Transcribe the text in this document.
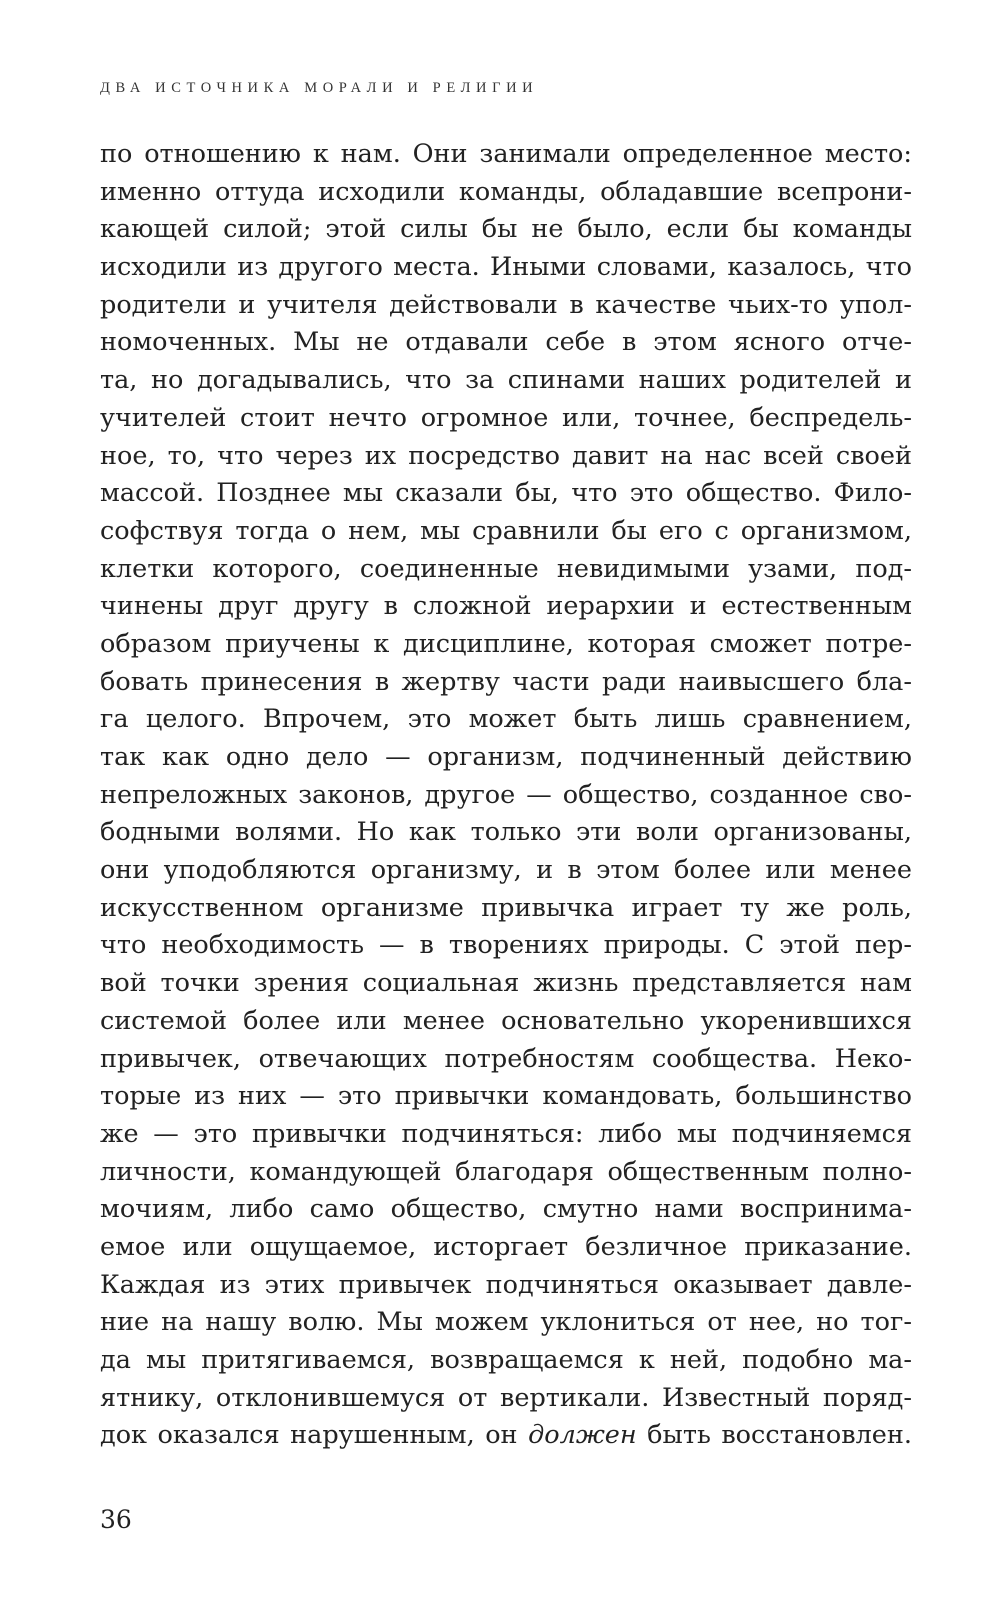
ДВА ИСТОЧНИКА МОРАЛИ И РЕЛИГИИ
по отношению к нам. Они занимали определенное место:
именно оттуда исходили команды, обладавшие всепрони-
кающей силой; этой силы бы не было, если бы команды
исходили из другого места. Иными словами, казалось, что
родители и учителя действовали в качестве чьих-то упол-
номоченных. Мы не отдавали себе в этом ясного отче-
та, но догадывались, что за спинами наших родителей и
учителей стоит нечто огромное или, точнее, беспредель-
ное, то, что через их посредство давит на нас всей своей
массой. Позднее мы сказали бы, что это общество. Фило-
софствуя тогда о нем, мы сравнили бы его с организмом,
клетки которого, соединенные невидимыми узами, под-
чинены друг другу в сложной иерархии и естественным
образом приучены к дисциплине, которая сможет потре-
бовать принесения в жертву части ради наивысшего бла-
га целого. Впрочем, это может быть лишь сравнением,
так как одно дело — организм, подчиненный действию
непреложных законов, другое — общество, созданное сво-
бодными волями. Но как только эти воли организованы,
они уподобляются организму, и в этом более или менее
искусственном организме привычка играет ту же роль,
что необходимость — в творениях природы. С этой пер-
вой точки зрения социальная жизнь представляется нам
системой более или менее основательно укоренившихся
привычек, отвечающих потребностям сообщества. Неко-
торые из них — это привычки командовать, большинство
же — это привычки подчиняться: либо мы подчиняемся
личности, командующей благодаря общественным полно-
мочиям, либо само общество, смутно нами воспринима-
емое или ощущаемое, исторгает безличное приказание.
Каждая из этих привычек подчиняться оказывает давле-
ние на нашу волю. Мы можем уклониться от нее, но тог-
да мы притягиваемся, возвращаемся к ней, подобно ма-
ятнику, отклонившемуся от вертикали. Известный поряд-
док оказался нарушенным, он должен быть восстановлен.
36
